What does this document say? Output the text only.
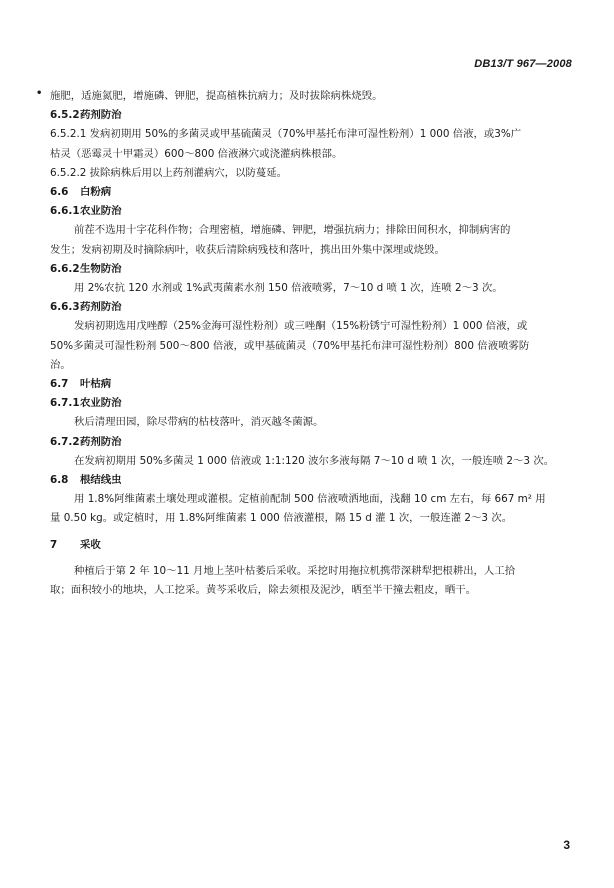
•
DB13/T 967—2008
施肥，适施氮肥，增施磷、钾肥，提高植株抗病力；及时拔除病株烧毁。
6.5.2药剂防治
6.5.2.1 发病初期用 50%的多菌灵或甲基硫菌灵（70%甲基托布津可湿性粉剂）1 000 倍液，或3%广
枯灵（恶霉灵十甲霜灵）600～800 倍液淋穴或浇灌病株根部。
6.5.2.2 拔除病株后用以上药剂灌病穴，以防蔓延。
6.6 白粉病
6.6.1农业防治
前茬不选用十字花科作物；合理密植，增施磷、钾肥，增强抗病力；排除田间积水，抑制病害的
发生；发病初期及时摘除病叶，收获后清除病残枝和落叶，携出田外集中深埋或烧毁。
6.6.2生物防治
用 2%农抗 120 水剂或 1%武夷菌素水剂 150 倍液喷雾，7～10 d 喷 1 次，连喷 2～3 次。
6.6.3药剂防治
发病初期选用戊唑醇（25%金海可湿性粉剂）或三唑酮（15%粉锈宁可湿性粉剂）1 000 倍液，或
50%多菌灵可湿性粉剂 500～800 倍液，或甲基硫菌灵（70%甲基托布津可湿性粉剂）800 倍液喷雾防
治。
6.7 叶枯病
6.7.1农业防治
秋后清理田园，除尽带病的枯枝落叶，消灭越冬菌源。
6.7.2药剂防治
在发病初期用 50%多菌灵 1 000 倍液或 1:1:120 波尔多液每隔 7～10 d 喷 1 次，一般连喷 2～3 次。
6.8 根结线虫
用 1.8%阿维菌素土壤处理或灌根。定植前配制 500 倍液喷洒地面，浅翻 10 cm 左右，每 667 m² 用
量 0.50 kg。或定植时，用 1.8%阿维菌素 1 000 倍液灌根，隔 15 d 灌 1 次，一般连灌 2～3 次。
7 采收
种植后于第 2 年 10～11 月地上茎叶枯萎后采收。采挖时用拖拉机携带深耕犁把根耕出，人工拾
取；面积较小的地块，人工挖采。黄芩采收后，除去须根及泥沙，晒至半干撞去粗皮，晒干。
3
